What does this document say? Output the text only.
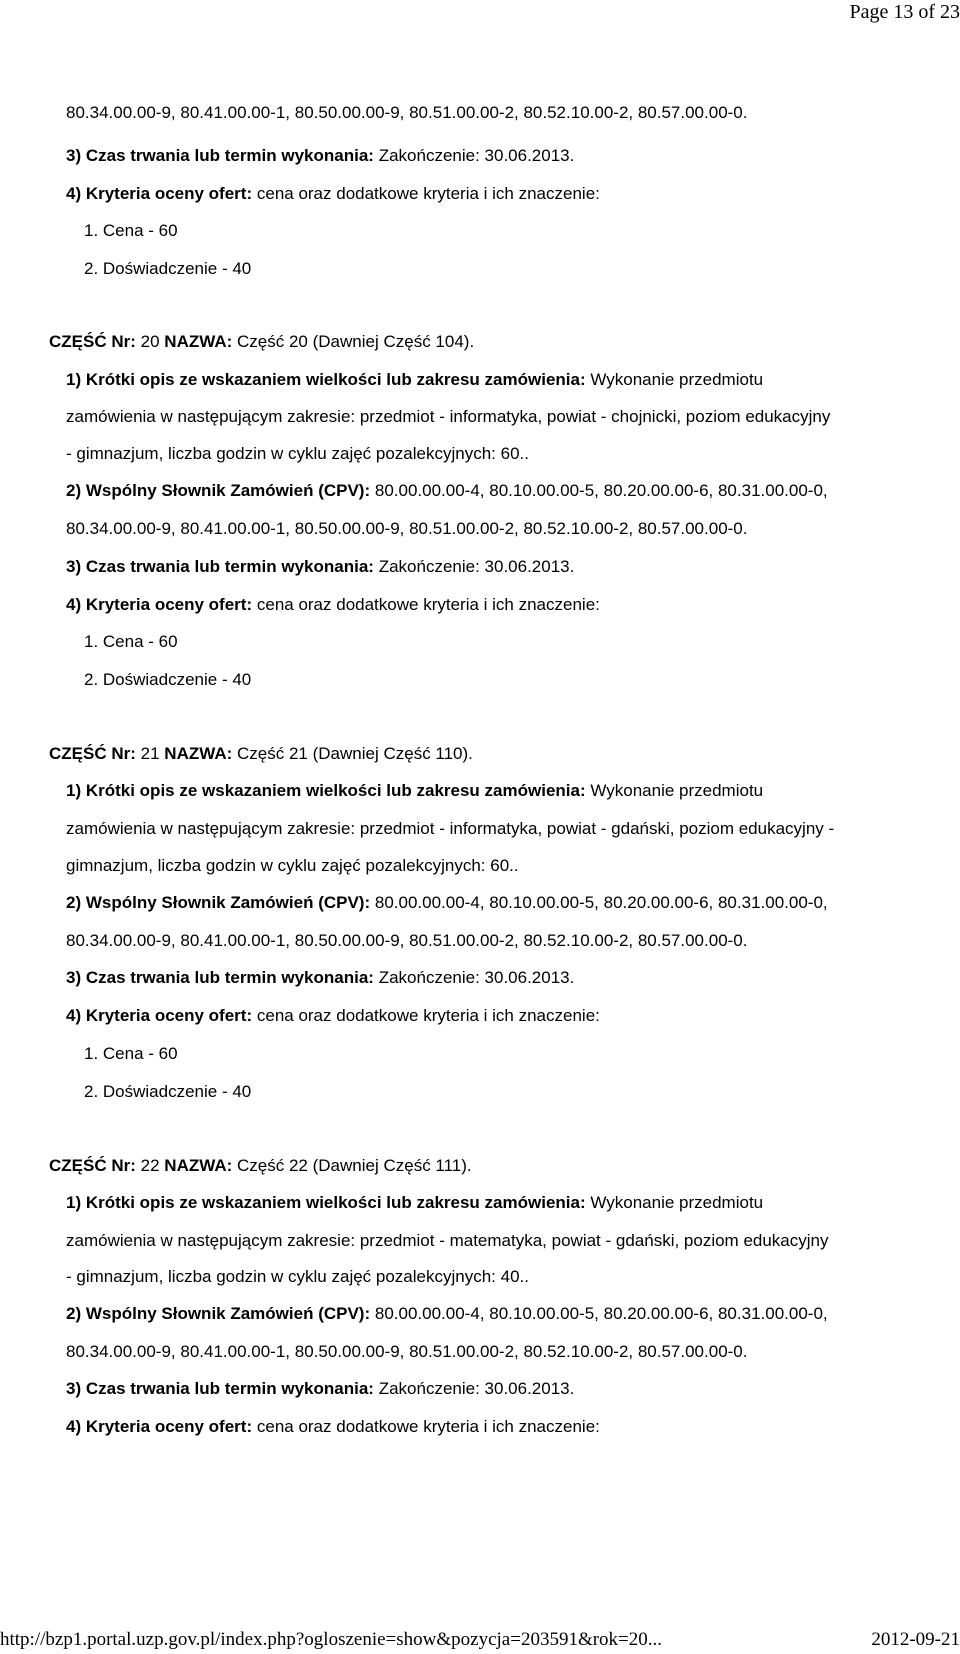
Page 13 of 23
80.34.00.00-9, 80.41.00.00-1, 80.50.00.00-9, 80.51.00.00-2, 80.52.10.00-2, 80.57.00.00-0.
3) Czas trwania lub termin wykonania: Zakończenie: 30.06.2013.
4) Kryteria oceny ofert: cena oraz dodatkowe kryteria i ich znaczenie:
1. Cena - 60
2. Doświadczenie - 40
CZĘŚĆ Nr: 20 NAZWA: Część 20 (Dawniej Część 104).
1) Krótki opis ze wskazaniem wielkości lub zakresu zamówienia: Wykonanie przedmiotu
zamówienia w następującym zakresie: przedmiot - informatyka, powiat - chojnicki, poziom edukacyjny
- gimnazjum, liczba godzin w cyklu zajęć pozalekcyjnych: 60..
2) Wspólny Słownik Zamówień (CPV): 80.00.00.00-4, 80.10.00.00-5, 80.20.00.00-6, 80.31.00.00-0,
80.34.00.00-9, 80.41.00.00-1, 80.50.00.00-9, 80.51.00.00-2, 80.52.10.00-2, 80.57.00.00-0.
3) Czas trwania lub termin wykonania: Zakończenie: 30.06.2013.
4) Kryteria oceny ofert: cena oraz dodatkowe kryteria i ich znaczenie:
1. Cena - 60
2. Doświadczenie - 40
CZĘŚĆ Nr: 21 NAZWA: Część 21 (Dawniej Część 110).
1) Krótki opis ze wskazaniem wielkości lub zakresu zamówienia: Wykonanie przedmiotu
zamówienia w następującym zakresie: przedmiot - informatyka, powiat - gdański, poziom edukacyjny -
gimnazjum, liczba godzin w cyklu zajęć pozalekcyjnych: 60..
2) Wspólny Słownik Zamówień (CPV): 80.00.00.00-4, 80.10.00.00-5, 80.20.00.00-6, 80.31.00.00-0,
80.34.00.00-9, 80.41.00.00-1, 80.50.00.00-9, 80.51.00.00-2, 80.52.10.00-2, 80.57.00.00-0.
3) Czas trwania lub termin wykonania: Zakończenie: 30.06.2013.
4) Kryteria oceny ofert: cena oraz dodatkowe kryteria i ich znaczenie:
1. Cena - 60
2. Doświadczenie - 40
CZĘŚĆ Nr: 22 NAZWA: Część 22 (Dawniej Część 111).
1) Krótki opis ze wskazaniem wielkości lub zakresu zamówienia: Wykonanie przedmiotu
zamówienia w następującym zakresie: przedmiot - matematyka, powiat - gdański, poziom edukacyjny
- gimnazjum, liczba godzin w cyklu zajęć pozalekcyjnych: 40..
2) Wspólny Słownik Zamówień (CPV): 80.00.00.00-4, 80.10.00.00-5, 80.20.00.00-6, 80.31.00.00-0,
80.34.00.00-9, 80.41.00.00-1, 80.50.00.00-9, 80.51.00.00-2, 80.52.10.00-2, 80.57.00.00-0.
3) Czas trwania lub termin wykonania: Zakończenie: 30.06.2013.
4) Kryteria oceny ofert: cena oraz dodatkowe kryteria i ich znaczenie:
http://bzp1.portal.uzp.gov.pl/index.php?ogloszenie=show&pozycja=203591&rok=20...	2012-09-21
